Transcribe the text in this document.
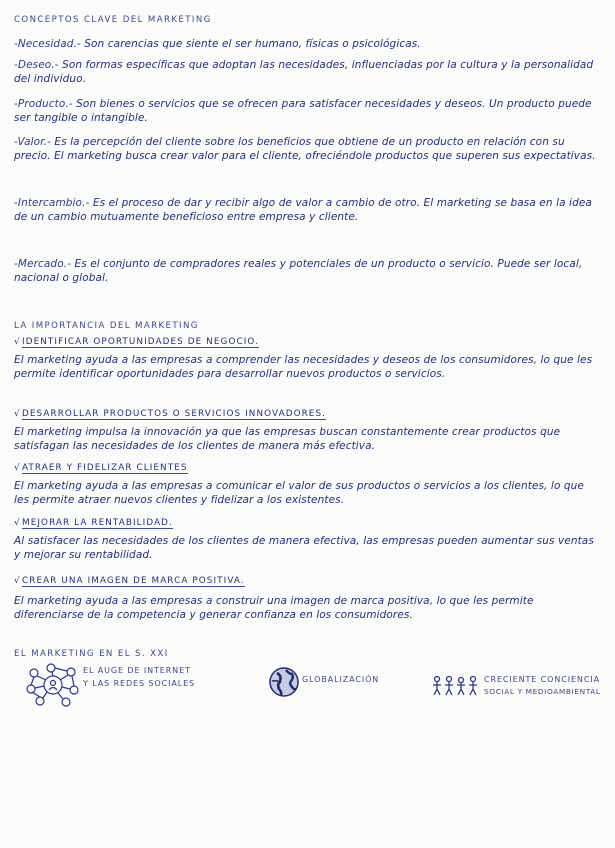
CONCEPTOS CLAVE DEL MARKETING
-Necesidad.- Son carencias que siente el ser humano, físicas o psicológicas.
-Deseo.- Son formas específicas que adoptan las necesidades, influenciadas por la cultura y la personalidad del individuo.
-Producto.- Son bienes o servicios que se ofrecen para satisfacer necesidades y deseos. Un producto puede ser tangible o intangible.
-Valor.- Es la percepción del cliente sobre los beneficios que obtiene de un producto en relación con su precio. El marketing busca crear valor para el cliente, ofreciéndole productos que superen sus expectativas.
-Intercambio.- Es el proceso de dar y recibir algo de valor a cambio de otro. El marketing se basa en la idea de un cambio mutuamente beneficioso entre empresa y cliente.
-Mercado.- Es el conjunto de compradores reales y potenciales de un producto o servicio. Puede ser local, nacional o global.
LA IMPORTANCIA DEL MARKETING
√IDENTIFICAR OPORTUNIDADES DE NEGOCIO.
El marketing ayuda a las empresas a comprender las necesidades y deseos de los consumidores, lo que les permite identificar oportunidades para desarrollar nuevos productos o servicios.
√DESARROLLAR PRODUCTOS O SERVICIOS INNOVADORES.
El marketing impulsa la innovación ya que las empresas buscan constantemente crear productos que satisfagan las necesidades de los clientes de manera más efectiva.
√ATRAER Y FIDELIZAR CLIENTES
El marketing ayuda a las empresas a comunicar el valor de sus productos o servicios a los clientes, lo que les permite atraer nuevos clientes y fidelizar a los existentes.
√MEJORAR LA RENTABILIDAD.
Al satisfacer las necesidades de los clientes de manera efectiva, las empresas pueden aumentar sus ventas y mejorar su rentabilidad.
√CREAR UNA IMAGEN DE MARCA POSITIVA.
El marketing ayuda a las empresas a construir una imagen de marca positiva, lo que les permite diferenciarse de la competencia y generar confianza en los consumidores.
EL MARKETING EN EL S. XXI
EL AUGE DE INTERNET
Y LAS REDES SOCIALES	GLOBALIZACIÓN	CRECIENTE CONCIENCIA
SOCIAL Y MEDIOAMBIENTAL
